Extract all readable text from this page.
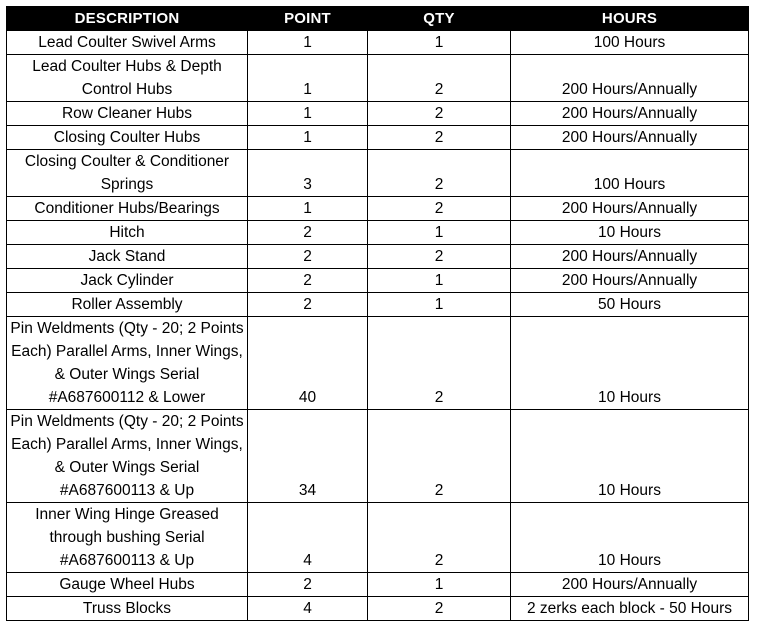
DESCRIPTION	POINT	QTY	HOURS
Lead Coulter Swivel Arms	1	1	100 Hours
Lead Coulter Hubs & Depth Control Hubs	1	2	200 Hours/Annually
Row Cleaner Hubs	1	2	200 Hours/Annually
Closing Coulter Hubs	1	2	200 Hours/Annually
Closing Coulter & Conditioner Springs	3	2	100 Hours
Conditioner Hubs/Bearings	1	2	200 Hours/Annually
Hitch	2	1	10 Hours
Jack Stand	2	2	200 Hours/Annually
Jack Cylinder	2	1	200 Hours/Annually
Roller Assembly	2	1	50 Hours
Pin Weldments (Qty - 20; 2 Points Each) Parallel Arms, Inner Wings, & Outer Wings Serial #A687600112 & Lower	40	2	10 Hours
Pin Weldments (Qty - 20; 2 Points Each) Parallel Arms, Inner Wings, & Outer Wings Serial #A687600113 & Up	34	2	10 Hours
Inner Wing Hinge Greased through bushing Serial #A687600113 & Up	4	2	10 Hours
Gauge Wheel Hubs	2	1	200 Hours/Annually
Truss Blocks	4	2	2 zerks each block - 50 Hours
